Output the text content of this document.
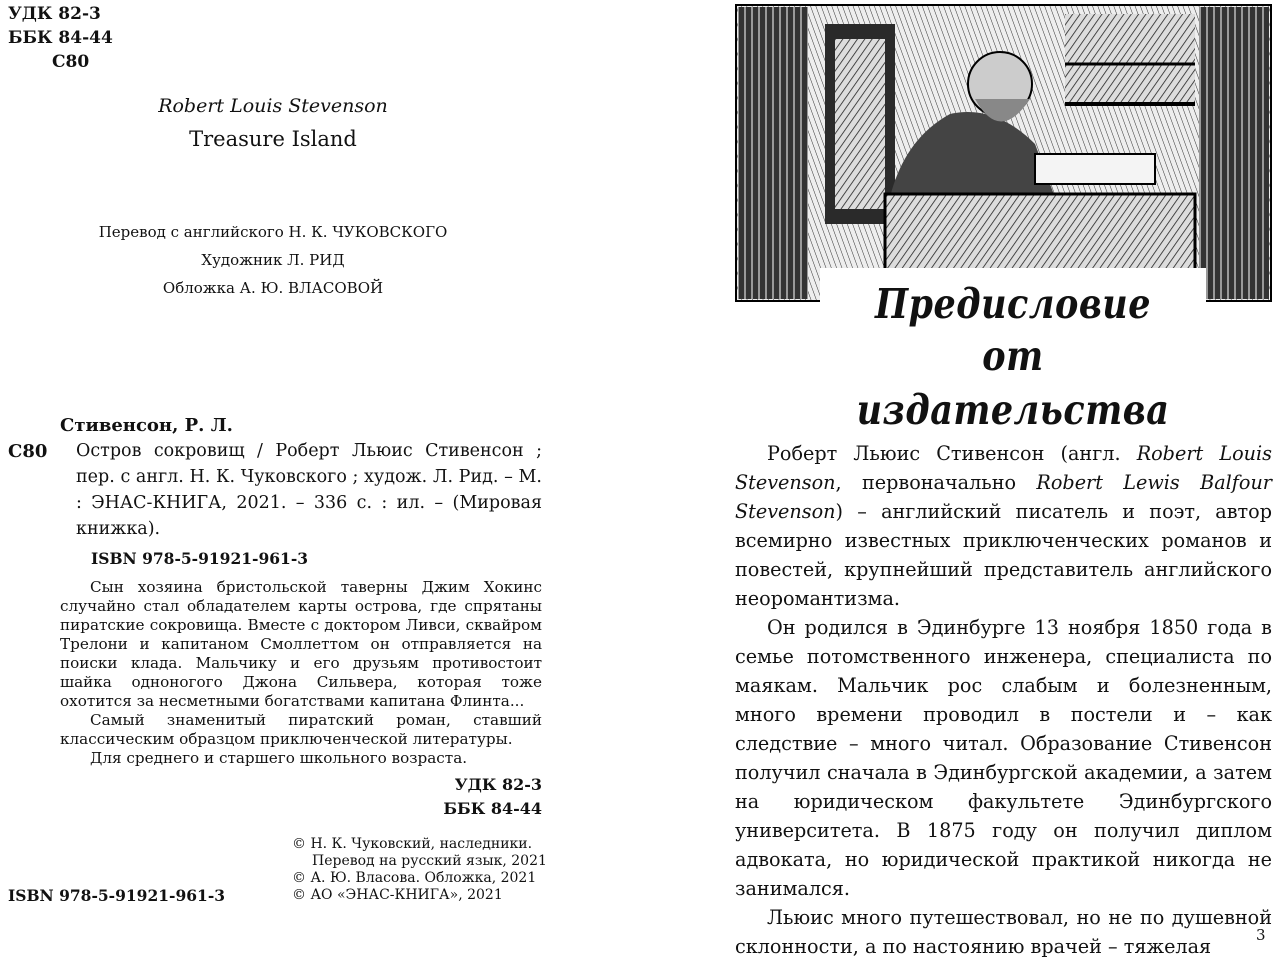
УДК 82-3
ББК 84-44
С80
Robert Louis Stevenson
Treasure Island
Перевод с английского Н. К. ЧУКОВСКОГО
Художник Л. РИД
Обложка А. Ю. ВЛАСОВОЙ
Стивенсон, Р. Л.
С80 Остров сокровищ / Роберт Льюис Стивенсон ; пер. с англ. Н. К. Чуковского ; худож. Л. Рид. – М. : ЭНАС-КНИГА, 2021. – 336 с. : ил. – (Мировая книжка).
ISBN 978-5-91921-961-3
Сын хозяина бристольской таверны Джим Хокинс случайно стал обладателем карты острова, где спрятаны пиратские сокровища. Вместе с доктором Ливси, сквайром Трелони и капитаном Смоллеттом он отправляется на поиски клада. Мальчику и его друзьям противостоит шайка одноногого Джона Сильвера, которая тоже охотится за несметными богатствами капитана Флинта...
Самый знаменитый пиратский роман, ставший классическим образцом приключенческой литературы.
Для среднего и старшего школьного возраста.
УДК 82-3
ББК 84-44
ISBN 978-5-91921-961-3
© Н. К. Чуковский, наследники.
Перевод на русский язык, 2021
© А. Ю. Власова. Обложка, 2021
© АО «ЭНАС-КНИГА», 2021
Предисловие
от издательства

Роберт Льюис Стивенсон (англ. Robert Louis Stevenson, первоначально Robert Lewis Balfour Stevenson) – английский писатель и поэт, автор всемирно известных приключенческих романов и повестей, крупнейший представитель английского неоромантизма.

Он родился в Эдинбурге 13 ноября 1850 года в семье потомственного инженера, специалиста по маякам. Мальчик рос слабым и болезненным, много времени проводил в постели и – как следствие – много читал. Образование Стивенсон получил сначала в Эдинбургской академии, а затем на юридическом факультете Эдинбургского университета. В 1875 году он получил диплом адвоката, но юридической практикой никогда не занимался.

Льюис много путешествовал, но не по душевной склонности, а по настоянию врачей – тяжелая	3
